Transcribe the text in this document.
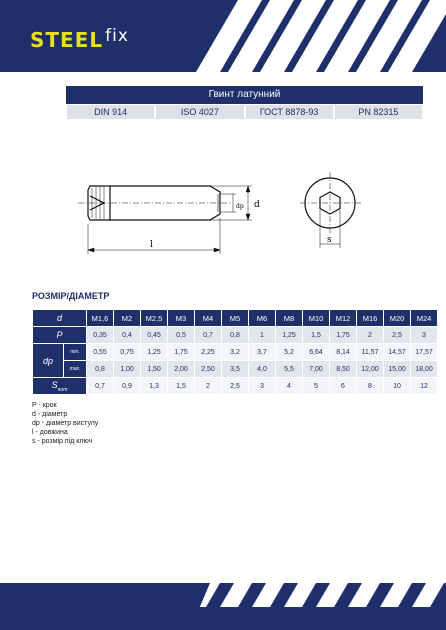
STEEL $^{fix}$
Гвинт латунний
DIN 914	ISO 4027	ГОСТ 8878-93	PN 82315
l
dp d
s
РОЗМІР/ДІАМЕТР
d		M1,6	M2	M2,5	M3	M4	M5	M6	M8	M10	M12	M16	M20	M24
P		0,35	0,4	0,45	0,5	0,7	0,8	1	1,25	1,5	1,75	2	2,5	3
dp	min.	0,55	0,75	1,25	1,75	2,25	3,2	3,7	5,2	6,64	8,14	11,57	14,57	17,57
	max.	0,8	1,00	1,50	2,00	2,50	3,5	4,0	5,5	7,00	8,50	12,00	15,00	18,00
$S_{nom}$		0,7	0,9	1,3	1,5	2	2,5	3	4	5	6	8	10	12
P - крок
d - діаметр
dp - діаметр виступу
l - довжина
s - розмір під ключ
